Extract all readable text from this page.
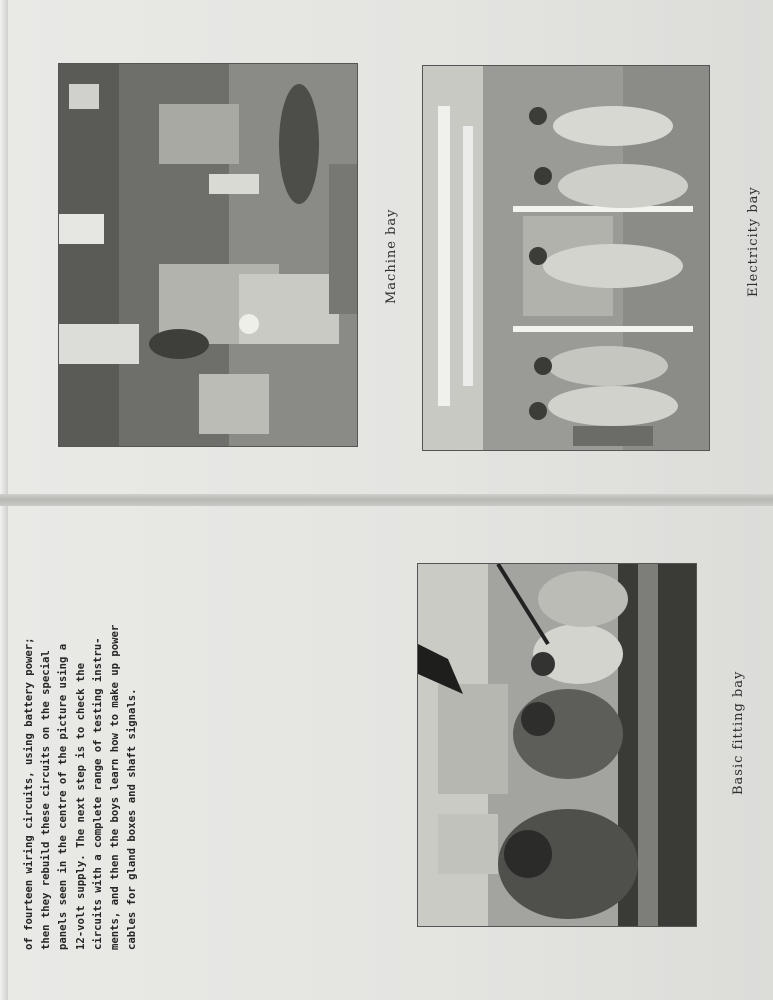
Machine bay	Electricity bay
of fourteen wiring circuits, using battery power; then they rebuild these circuits on the special panels seen in the centre of the picture using a 12-volt supply. The next step is to check the circuits with a complete range of testing instru- ments, and then the boys learn how to make up power cables for gland boxes and shaft signals.	Basic fitting bay
